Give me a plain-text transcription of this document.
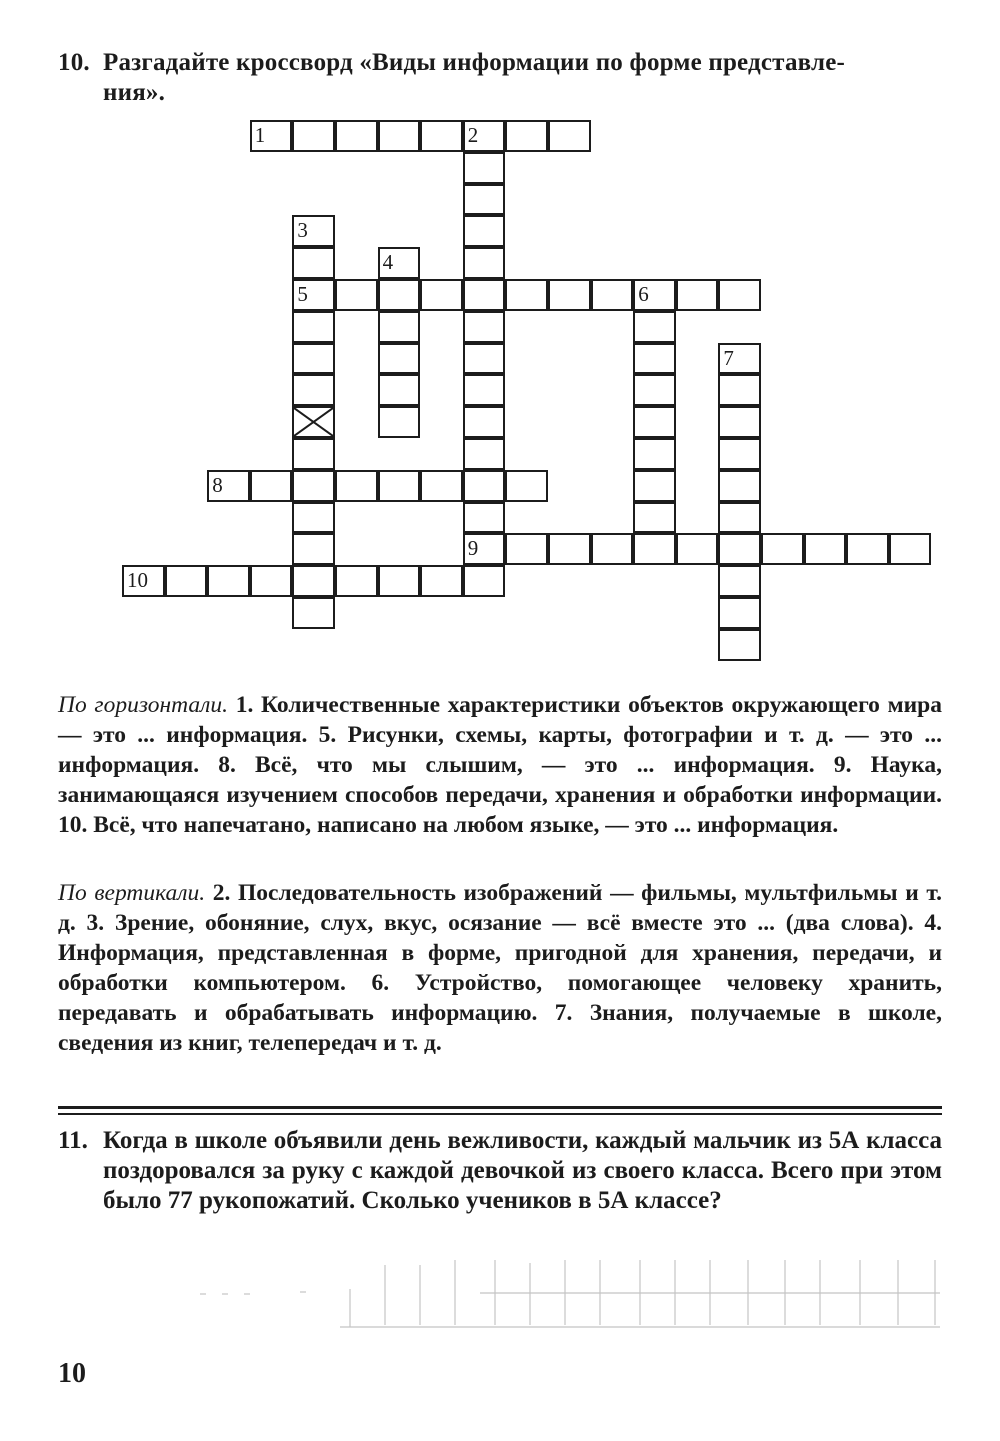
10. Разгадайте кроссворд «Виды информации по форме представле-
ния».
1	2
9
3
5
4
6
7
8
10
По горизонтали. 1. Количественные характеристики объектов окружающего мира — это ... информация. 5. Рисунки, схемы, карты, фотографии и т. д. — это ... информация. 8. Всё, что мы слышим, — это ... информация. 9. Наука, занимающаяся изучением способов передачи, хранения и обработки информации. 10. Всё, что напечатано, написано на любом языке, — это ... информация.
По вертикали. 2. Последовательность изображений — фильмы, мультфильмы и т. д. 3. Зрение, обоняние, слух, вкус, осязание — всё вместе это ... (два слова). 4. Информация, представленная в форме, пригодной для хранения, передачи, и обработки компьютером. 6. Устройство, помогающее человеку хранить, передавать и обрабатывать информацию. 7. Знания, получаемые в школе, сведения из книг, телепередач и т. д.
11. Когда в школе объявили день вежливости, каждый мальчик из 5А класса поздоровался за руку с каждой девочкой из своего класса. Всего при этом было 77 рукопожатий. Сколько учеников в 5А классе?
10
